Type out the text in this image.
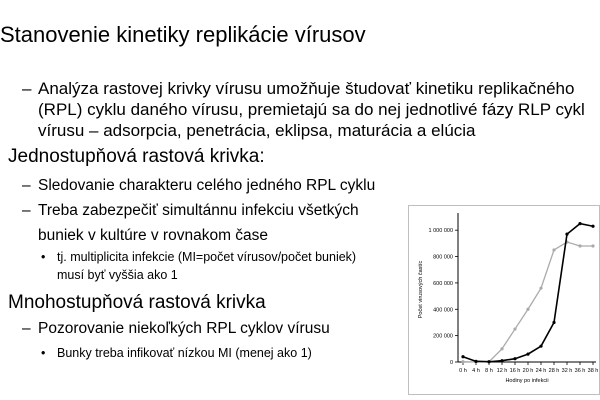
Stanovenie kinetiky replikácie vírusov
– Analýza rastovej krivky vírusu umožňuje študovať kinetiku replikačného
(RPL) cyklu daného vírusu, premietajú sa do nej jednotlivé fázy RLP cykl
vírusu – adsorpcia, penetrácia, eklipsa, maturácia a elúcia
Jednostupňová rastová krivka:
– Sledovanie charakteru celého jedného RPL cyklu
– Treba zabezpečiť simultánnu infekciu všetkých
buniek v kultúre v rovnakom čase
• tj. multiplicita infekcie (MI=počet vírusov/počet buniek)
musí byť vyššia ako 1
Mnohostupňová rastová krivka
– Pozorovanie niekoľkých RPL cyklov vírusu
• Bunky treba infikovať nízkou MI (menej ako 1)
0
200 000
400 000
600 000
800 000
1 000 000
0 h 4 h 8 h 12 h 16 h 20 h 24 h 28 h 32 h 36 h 38 h
Hodiny po infekcii
Počet virusových častíc
